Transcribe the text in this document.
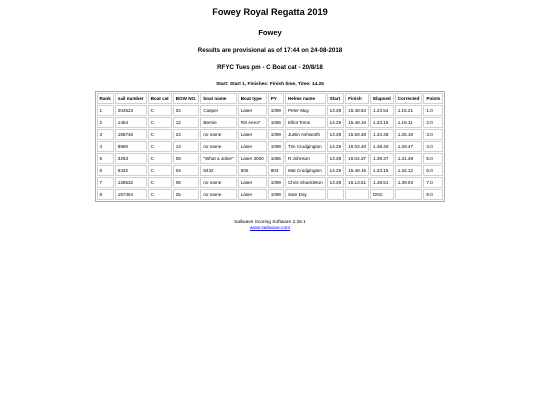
Fowey Royal Regatta 2019
Fowey
Results are provisional as of 17:44 on 24-08-2018
RFYC Tues pm - C Boat cat - 20/8/18
Start: Start 1, Finishes: Finish time, Time: 14.25
Rank	sail number	Boat cat	BOW NO.	boat name	Boat type	PY	Helms name	Start	Finish	Elapsed	Corrected	Points
1	202523	C	02	Casper	Laser	1099	Peter May	14.25	15.48.54	1.23.54	1.16.21	1.0
2	1454	C	12	Bernie	RS Aero7	1065	Elliot Toms	14.25	15.48.16	1.23.16	1.18.11	2.0
3	168746	C	24	no name	Laser	1099	Justin Ashworth	14.25	15.59.48	1.34.48	1.26.16	3.0
4	8960	C	14	no name	Laser	1099	Tim Crudgington	14.25	16.03.40	1.38.40	1.29.47	4.0
5	3263	C	09	"What a Joker"	Laser 3000	1085	R Johnson	14.25	16.04.37	1.39.37	1.31.49	5.0
6	6432	C	04	6432	505	903	Mat Crudgington	14.25	15.48.15	1.23.15	1.32.12	6.0
7	136532	C	06	no name	Laser	1099	Chris Shackleton	14.25	16.13.51	1.48.51	1.39.03	7.0
8	157464	C	25	no name	Laser	1099	Sam Day			DNC		9.0
Sailwave Scoring Software 2.28.1
www.sailwave.com
